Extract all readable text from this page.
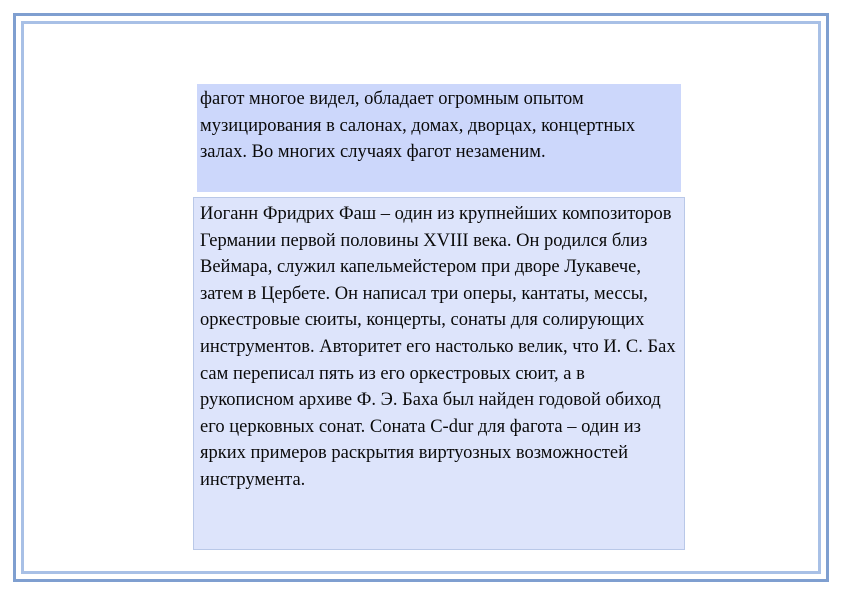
фагот многое видел, обладает огромным опытом музицирования в салонах, домах, дворцах, концертных залах. Во многих случаях фагот незаменим.

Иоганн Фридрих Фаш – один из крупнейших композиторов Германии первой половины XVIII века. Он родился близ Веймара, служил капельмейстером при дворе Лукавече, затем в Цербете. Он написал три оперы, кантаты, мессы, оркестровые сюиты, концерты, сонаты для солирующих инструментов. Авторитет его настолько велик, что И. С. Бах сам переписал пять из его оркестровых сюит, а в рукописном архиве Ф. Э. Баха был найден годовой обиход его церковных сонат. Соната C-dur для фагота – один из ярких примеров раскрытия виртуозных возможностей инструмента.
